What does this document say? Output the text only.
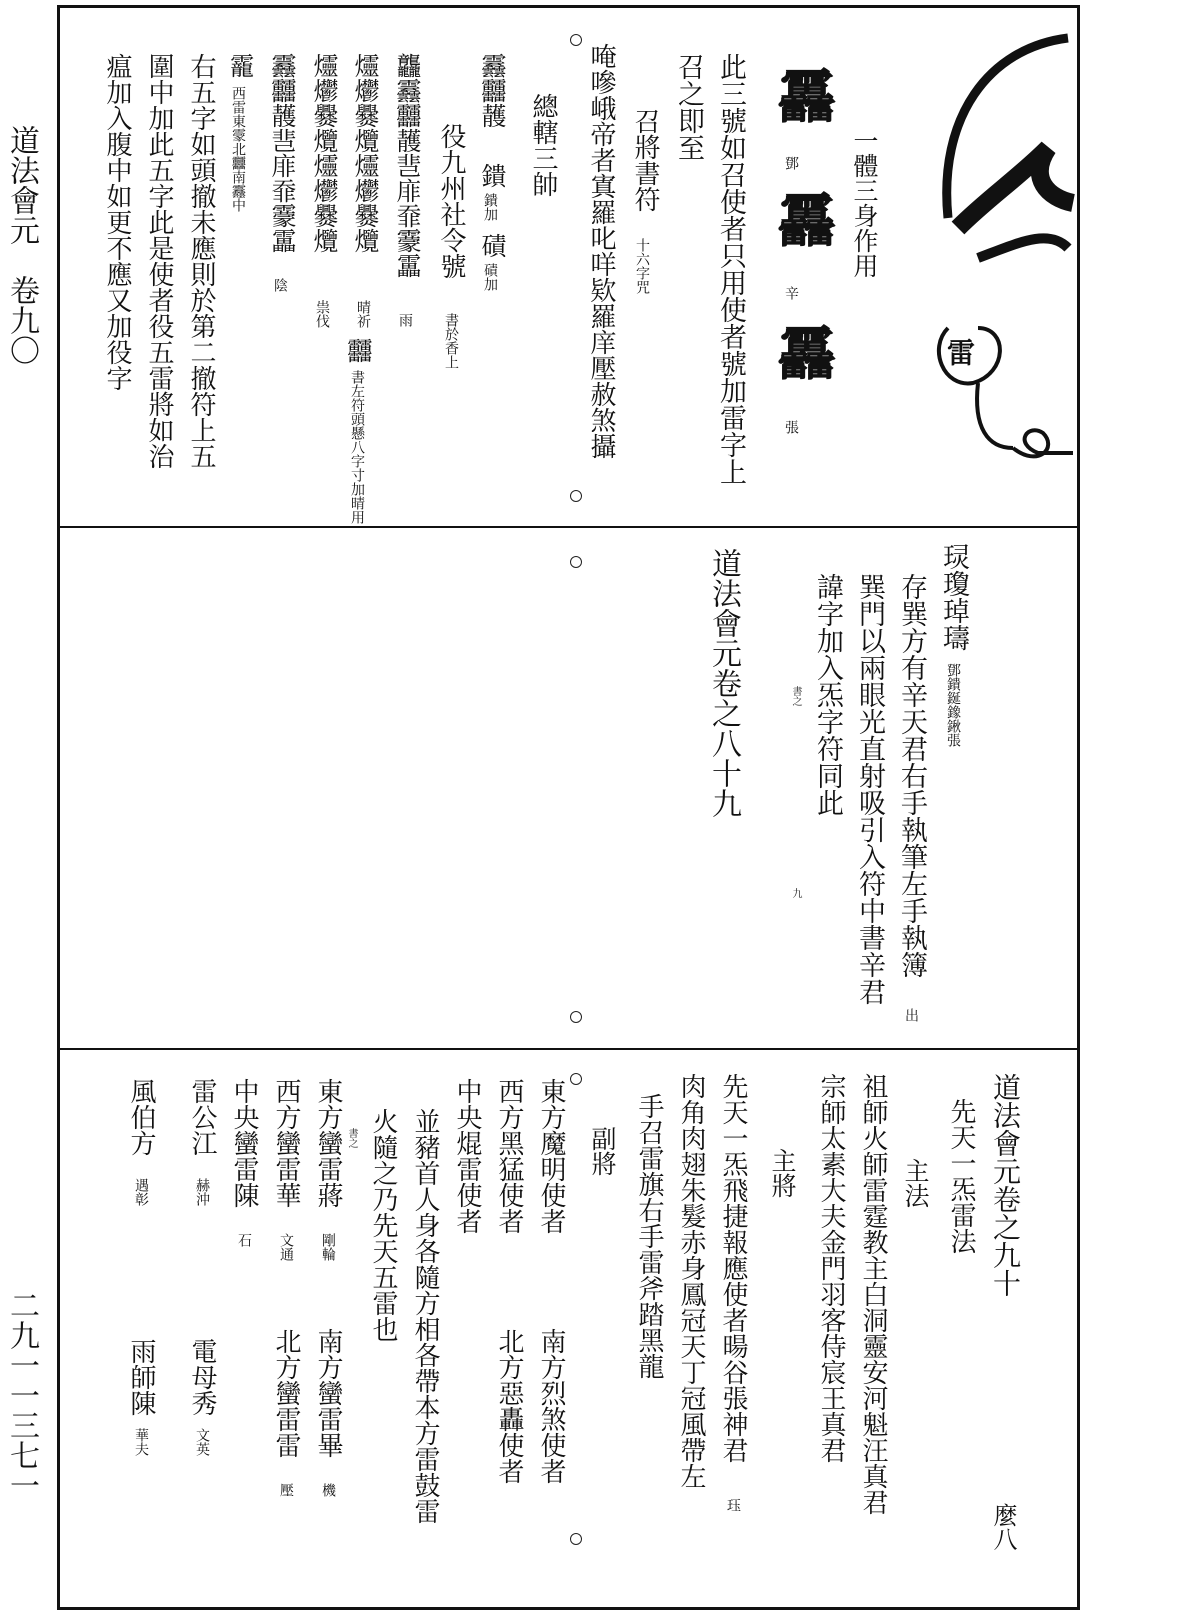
道法會元　卷九〇
二九一一三七一
一體三身作用
雷
靐
鄧
靐
辛
靐
張
此三號如召使者只用使者號加雷字上
召之即至
召將書符
十六字咒
唵嘇峨帝者寘羅叱咩欵羅庠壓赦煞攝
總轄三帥
䨺䨻䨼
鐀
鐀加
磧
磧加
役九州社令號
書於香上
龘䨺䨻䨼䨽䨾䨿靀靁
雨
爧爩爨爦爧爩爨爦
晴祈
爧爩爨爦爧爩爨爦
祟伐
䨻
書左符頭懸八字寸加晴用
䨺䨻䨼䨽䨾䨿靀靁
陰
靇
西雷東霥北䨻南䨺中
右五字如頭撤未應則於第二撤符上五
圍中加此五字此是使者役五雷將如治
瘟加入腹中如更不應又加役字
㻏瓊琸璹
鄧鐀鋋鐌鍬張
存巽方有辛天君右手執筆左手執簿
出
巽門以兩眼光直射吸引入符中書辛君
諱字加入炁字符同此
道法會元卷之八十九	書之
九
道法會元卷之九十
麼八
先天一炁雷法
主法
祖師火師雷霆教主白洞靈安河魁汪真君
宗師太素大夫金門羽客侍宸王真君
主將
先天一炁飛捷報應使者暘谷張神君
珏
肉角肉翅朱髮赤身鳳冠天丁冠風帶左
手召雷旗右手雷斧踏黑龍
副將
東方魔明使者
南方烈煞使者
西方黑猛使者
北方惡轟使者
中央焜雷使者
並豬首人身各隨方相各帶本方雷鼓雷
火隨之乃先天五雷也
書之
東方蠻雷蔣
剛輪
南方蠻雷畢
機
西方蠻雷華
文通
北方蠻雷雷
壓
中央蠻雷陳
石
雷公江
赫沖
電母秀
文英
風伯方
遇彰
雨師陳
華夫
